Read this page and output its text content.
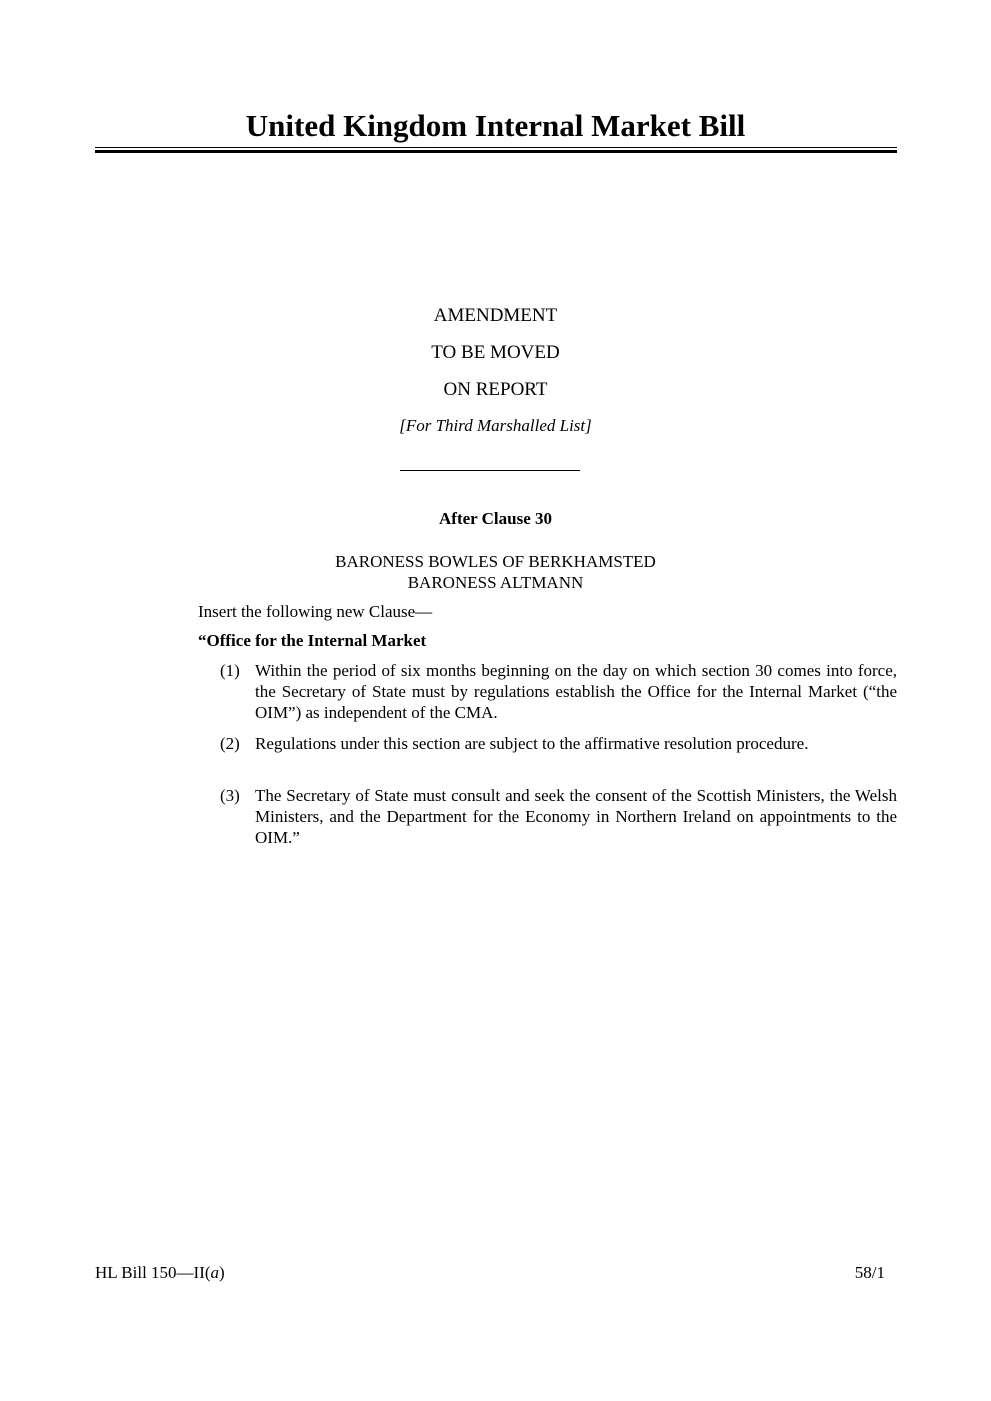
United Kingdom Internal Market Bill
AMENDMENT
TO BE MOVED
ON REPORT
[For Third Marshalled List]
After Clause 30
BARONESS BOWLES OF BERKHAMSTED
BARONESS ALTMANN
Insert the following new Clause—
“Office for the Internal Market
(1) Within the period of six months beginning on the day on which section 30 comes into force, the Secretary of State must by regulations establish the Office for the Internal Market (“the OIM”) as independent of the CMA.
(2) Regulations under this section are subject to the affirmative resolution procedure.
(3) The Secretary of State must consult and seek the consent of the Scottish Ministers, the Welsh Ministers, and the Department for the Economy in Northern Ireland on appointments to the OIM.”
HL Bill 150—II(a)	58/1
